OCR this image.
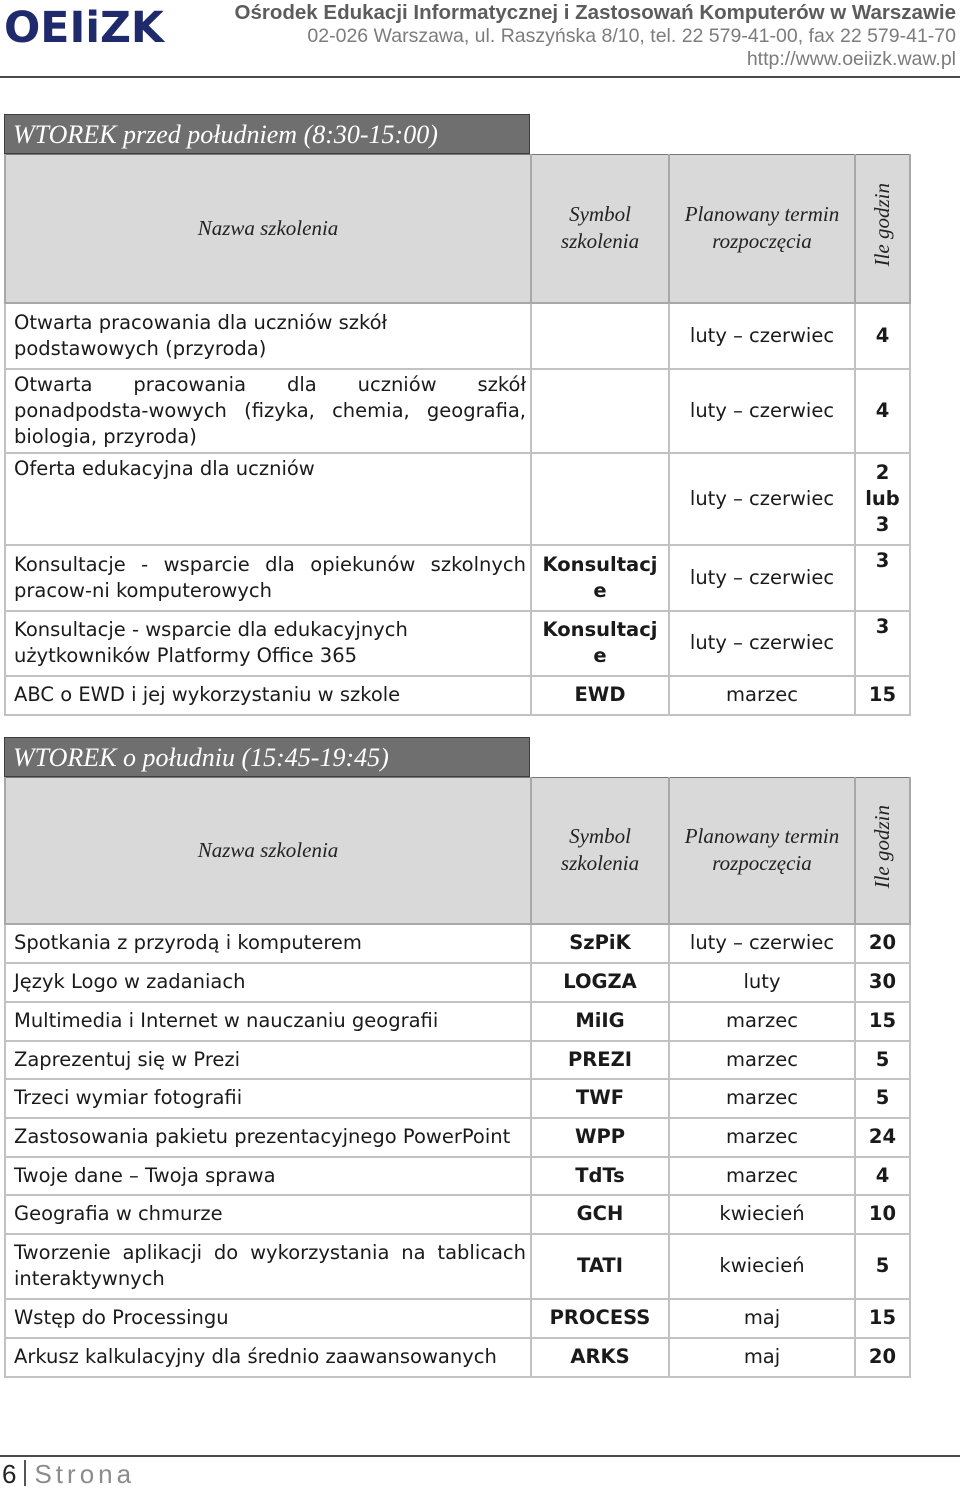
OEIiZK	Ośrodek Edukacji Informatycznej i Zastosowań Komputerów w Warszawie
02-026 Warszawa, ul. Raszyńska 8/10, tel. 22 579-41-00, fax 22 579-41-70
http://www.oeiizk.waw.pl
WTOREK przed południem (8:30-15:00)
Nazwa szkolenia	Symbol szkolenia	Planowany termin rozpoczęcia	Ile godzin
Otwarta pracowania dla uczniów szkół podstawowych (przyroda)		luty – czerwiec	4
Otwarta pracowania dla uczniów szkół ponadpodsta-wowych (fizyka, chemia, geografia, biologia, przyroda)		luty – czerwiec	4
Oferta edukacyjna dla uczniów		luty – czerwiec	2 lub 3
Konsultacje - wsparcie dla opiekunów szkolnych pracow-ni komputerowych	Konsultacje	luty – czerwiec	3
Konsultacje - wsparcie dla edukacyjnych użytkowników Platformy Office 365	Konsultacje	luty – czerwiec	3
ABC o EWD i jej wykorzystaniu w szkole	EWD	marzec	15
WTOREK o południu (15:45-19:45)
Nazwa szkolenia	Symbol szkolenia	Planowany termin rozpoczęcia	Ile godzin
Spotkania z przyrodą i komputerem	SzPiK	luty – czerwiec	20
Język Logo w zadaniach	LOGZA	luty	30
Multimedia i Internet w nauczaniu geografii	MiIG	marzec	15
Zaprezentuj się w Prezi	PREZI	marzec	5
Trzeci wymiar fotografii	TWF	marzec	5
Zastosowania pakietu prezentacyjnego PowerPoint	WPP	marzec	24
Twoje dane – Twoja sprawa	TdTs	marzec	4
Geografia w chmurze	GCH	kwiecień	10
Tworzenie aplikacji do wykorzystania na tablicach interaktywnych	TATI	kwiecień	5
Wstęp do Processingu	PROCESS	maj	15
Arkusz kalkulacyjny dla średnio zaawansowanych	ARKS	maj	20
6 Strona
